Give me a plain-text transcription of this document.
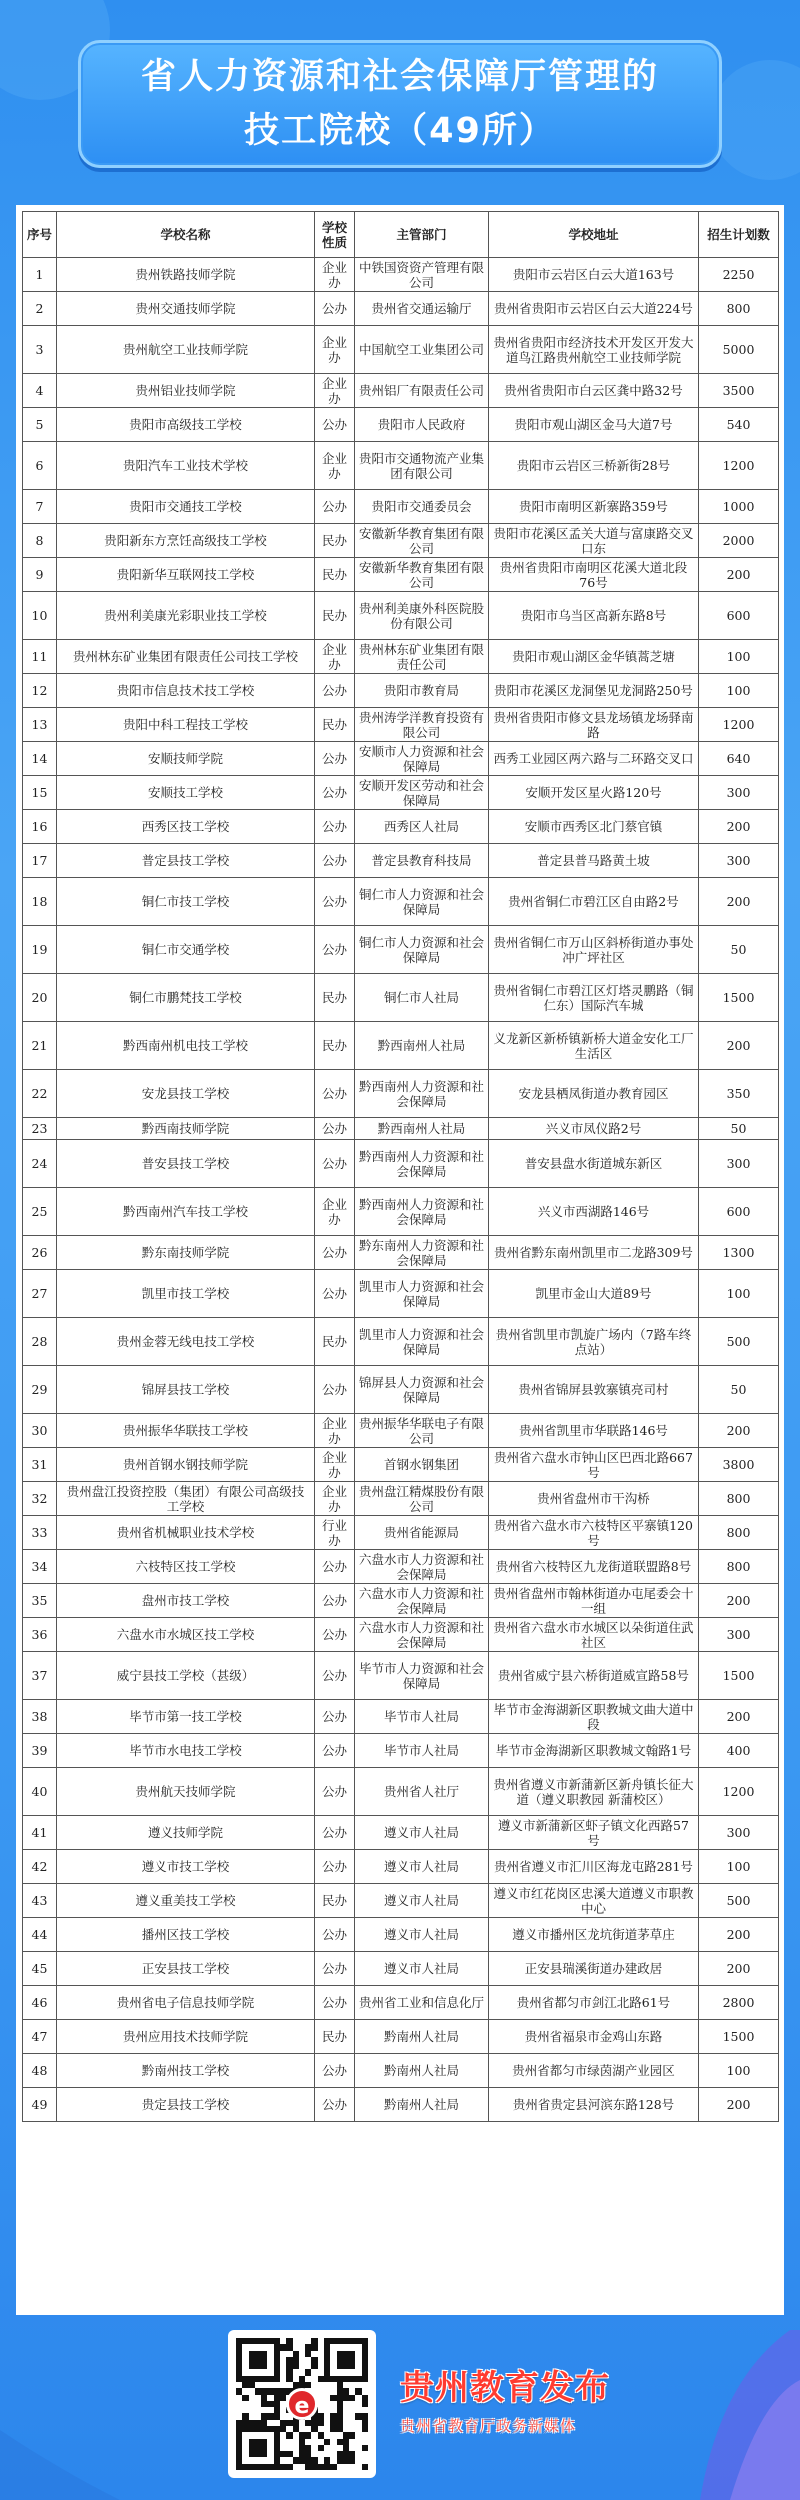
省人力资源和社会保障厅管理的
技工院校（49所）
序号	学校名称	学校性质	主管部门	学校地址	招生计划数
1	贵州铁路技师学院	企业办	中铁国资资产管理有限公司	贵阳市云岩区白云大道163号	2250
2	贵州交通技师学院	公办	贵州省交通运输厅	贵州省贵阳市云岩区白云大道224号	800
3	贵州航空工业技师学院	企业办	中国航空工业集团公司	贵州省贵阳市经济技术开发区开发大道鸟江路贵州航空工业技师学院	5000
4	贵州铝业技师学院	企业办	贵州铝厂有限责任公司	贵州省贵阳市白云区龚中路32号	3500
5	贵阳市高级技工学校	公办	贵阳市人民政府	贵阳市观山湖区金马大道7号	540
6	贵阳汽车工业技术学校	企业办	贵阳市交通物流产业集团有限公司	贵阳市云岩区三桥新街28号	1200
7	贵阳市交通技工学校	公办	贵阳市交通委员会	贵阳市南明区新寨路359号	1000
8	贵阳新东方烹饪高级技工学校	民办	安徽新华教育集团有限公司	贵阳市花溪区孟关大道与富康路交叉口东	2000
9	贵阳新华互联网技工学校	民办	安徽新华教育集团有限公司	贵州省贵阳市南明区花溪大道北段76号	200
10	贵州利美康光彩职业技工学校	民办	贵州利美康外科医院股份有限公司	贵阳市乌当区高新东路8号	600
11	贵州林东矿业集团有限责任公司技工学校	企业办	贵州林东矿业集团有限责任公司	贵阳市观山湖区金华镇蒿芝塘	100
12	贵阳市信息技术技工学校	公办	贵阳市教育局	贵阳市花溪区龙洞堡见龙洞路250号	100
13	贵阳中科工程技工学校	民办	贵州涛学洋教育投资有限公司	贵州省贵阳市修文县龙场镇龙场驿南路	1200
14	安顺技师学院	公办	安顺市人力资源和社会保障局	西秀工业园区两六路与二环路交叉口	640
15	安顺技工学校	公办	安顺开发区劳动和社会保障局	安顺开发区星火路120号	300
16	西秀区技工学校	公办	西秀区人社局	安顺市西秀区北门蔡官镇	200
17	普定县技工学校	公办	普定县教育科技局	普定县普马路黄土坡	300
18	铜仁市技工学校	公办	铜仁市人力资源和社会保障局	贵州省铜仁市碧江区自由路2号	200
19	铜仁市交通学校	公办	铜仁市人力资源和社会保障局	贵州省铜仁市万山区斜桥街道办事处冲广坪社区	50
20	铜仁市鹏梵技工学校	民办	铜仁市人社局	贵州省铜仁市碧江区灯塔灵鹏路（铜仁东）国际汽车城	1500
21	黔西南州机电技工学校	民办	黔西南州人社局	义龙新区新桥镇新桥大道金安化工厂生活区	200
22	安龙县技工学校	公办	黔西南州人力资源和社会保障局	安龙县栖凤街道办教育园区	350
23	黔西南技师学院	公办	黔西南州人社局	兴义市凤仪路2号	50
24	普安县技工学校	公办	黔西南州人力资源和社会保障局	普安县盘水街道城东新区	300
25	黔西南州汽车技工学校	企业办	黔西南州人力资源和社会保障局	兴义市西湖路146号	600
26	黔东南技师学院	公办	黔东南州人力资源和社会保障局	贵州省黔东南州凯里市二龙路309号	1300
27	凯里市技工学校	公办	凯里市人力资源和社会保障局	凯里市金山大道89号	100
28	贵州金蓉无线电技工学校	民办	凯里市人力资源和社会保障局	贵州省凯里市凯旋广场内（7路车终点站）	500
29	锦屏县技工学校	公办	锦屏县人力资源和社会保障局	贵州省锦屏县敦寨镇亮司村	50
30	贵州振华华联技工学校	企业办	贵州振华华联电子有限公司	贵州省凯里市华联路146号	200
31	贵州首钢水钢技师学院	企业办	首钢水钢集团	贵州省六盘水市钟山区巴西北路667号	3800
32	贵州盘江投资控股（集团）有限公司高级技工学校	企业办	贵州盘江精煤股份有限公司	贵州省盘州市干沟桥	800
33	贵州省机械职业技术学校	行业办	贵州省能源局	贵州省六盘水市六枝特区平寨镇120号	800
34	六枝特区技工学校	公办	六盘水市人力资源和社会保障局	贵州省六枝特区九龙街道联盟路8号	800
35	盘州市技工学校	公办	六盘水市人力资源和社会保障局	贵州省盘州市翰林街道办屯尾委会十一组	200
36	六盘水市水城区技工学校	公办	六盘水市人力资源和社会保障局	贵州省六盘水市水城区以朵街道住武社区	300
37	威宁县技工学校（甚级）	公办	毕节市人力资源和社会保障局	贵州省威宁县六桥街道威宣路58号	1500
38	毕节市第一技工学校	公办	毕节市人社局	毕节市金海湖新区职教城文曲大道中段	200
39	毕节市水电技工学校	公办	毕节市人社局	毕节市金海湖新区职教城文翰路1号	400
40	贵州航天技师学院	公办	贵州省人社厅	贵州省遵义市新蒲新区新舟镇长征大道（遵义职教园 新蒲校区）	1200
41	遵义技师学院	公办	遵义市人社局	遵义市新蒲新区虾子镇文化西路57号	300
42	遵义市技工学校	公办	遵义市人社局	贵州省遵义市汇川区海龙屯路281号	100
43	遵义重美技工学校	民办	遵义市人社局	遵义市红花岗区忠溪大道遵义市职教中心	500
44	播州区技工学校	公办	遵义市人社局	遵义市播州区龙坑街道茅草庄	200
45	正安县技工学校	公办	遵义市人社局	正安县瑞溪街道办建政居	200
46	贵州省电子信息技师学院	公办	贵州省工业和信息化厅	贵州省都匀市剑江北路61号	2800
47	贵州应用技术技师学院	民办	黔南州人社局	贵州省福泉市金鸡山东路	1500
48	黔南州技工学校	公办	黔南州人社局	贵州省都匀市绿茵湖产业园区	100
49	贵定县技工学校	公办	黔南州人社局	贵州省贵定县河滨东路128号	200
e	贵州教育发布
贵州省教育厅政务新媒体
